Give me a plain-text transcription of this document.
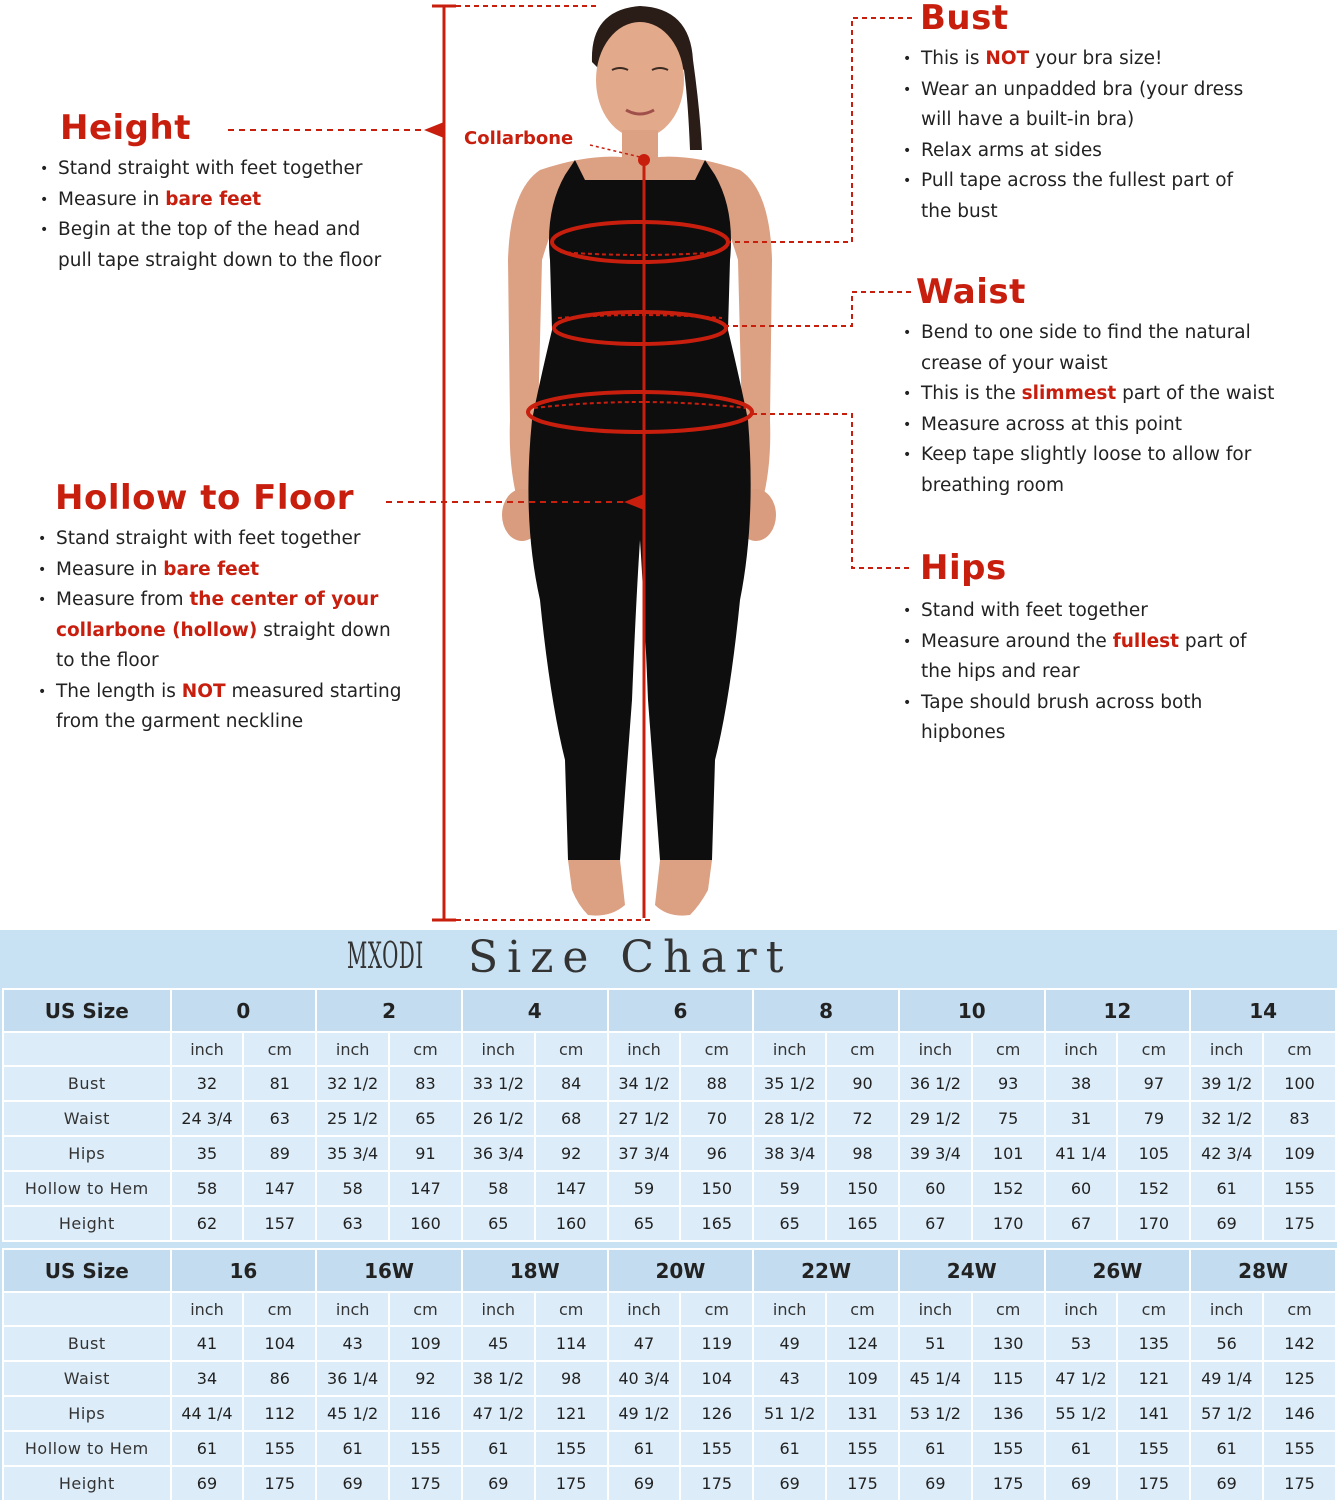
Collarbone
Height
• Stand straight with feet together
• Measure in bare feet
• Begin at the top of the head and
pull tape straight down to the floor
Hollow to Floor
• Stand straight with feet together
• Measure in bare feet
• Measure from the center of your
collarbone (hollow) straight down
to the floor
• The length is NOT measured starting
from the garment neckline
Bust
• This is NOT your bra size!
• Wear an unpadded bra (your dress
will have a built-in bra)
• Relax arms at sides
• Pull tape across the fullest part of
the bust
Waist
• Bend to one side to find the natural
crease of your waist
• This is the slimmest part of the waist
• Measure across at this point
• Keep tape slightly loose to allow for
breathing room
Hips
• Stand with feet together
• Measure around the fullest part of
the hips and rear
• Tape should brush across both
hipbones
MXODI Size Chart
US Size	0		2		4		6		8		10		12		14	
	inch	cm	inch	cm	inch	cm	inch	cm	inch	cm	inch	cm	inch	cm	inch	cm
Bust	32	81	32 1/2	83	33 1/2	84	34 1/2	88	35 1/2	90	36 1/2	93	38	97	39 1/2	100
Waist	24 3/4	63	25 1/2	65	26 1/2	68	27 1/2	70	28 1/2	72	29 1/2	75	31	79	32 1/2	83
Hips	35	89	35 3/4	91	36 3/4	92	37 3/4	96	38 3/4	98	39 3/4	101	41 1/4	105	42 3/4	109
Hollow to Hem	58	147	58	147	58	147	59	150	59	150	60	152	60	152	61	155
Height	62	157	63	160	65	160	65	165	65	165	67	170	67	170	69	175
US Size	16		16W		18W		20W		22W		24W		26W		28W	
	inch	cm	inch	cm	inch	cm	inch	cm	inch	cm	inch	cm	inch	cm	inch	cm
Bust	41	104	43	109	45	114	47	119	49	124	51	130	53	135	56	142
Waist	34	86	36 1/4	92	38 1/2	98	40 3/4	104	43	109	45 1/4	115	47 1/2	121	49 1/4	125
Hips	44 1/4	112	45 1/2	116	47 1/2	121	49 1/2	126	51 1/2	131	53 1/2	136	55 1/2	141	57 1/2	146
Hollow to Hem	61	155	61	155	61	155	61	155	61	155	61	155	61	155	61	155
Height	69	175	69	175	69	175	69	175	69	175	69	175	69	175	69	175
